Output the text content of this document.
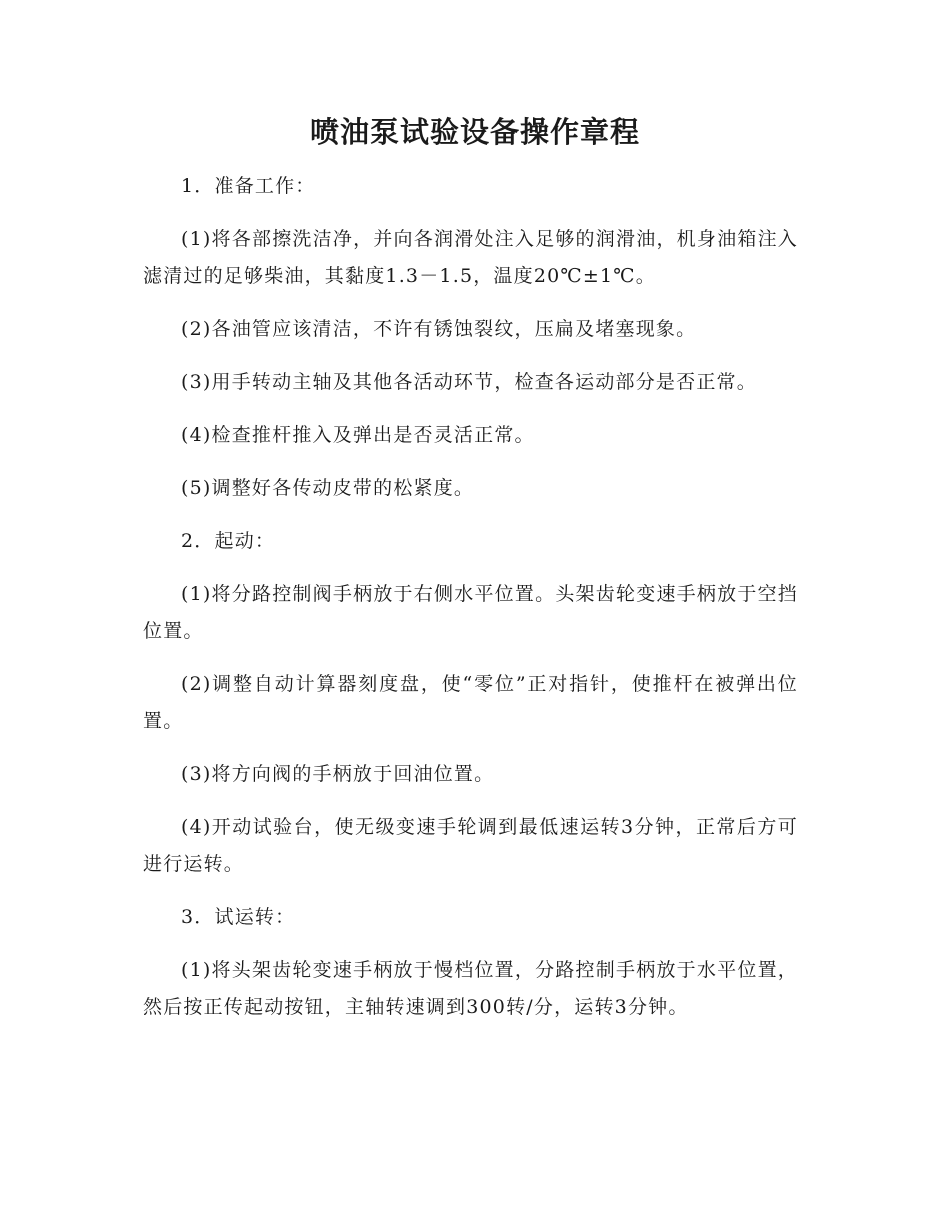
喷油泵试验设备操作章程

1．准备工作：

(1)将各部擦洗洁净，并向各润滑处注入足够的润滑油，机身油箱注入滤清过的足够柴油，其黏度1.3－1.5，温度20℃±1℃。

(2)各油管应该清洁，不许有锈蚀裂纹，压扁及堵塞现象。

(3)用手转动主轴及其他各活动环节，检查各运动部分是否正常。

(4)检查推杆推入及弹出是否灵活正常。

(5)调整好各传动皮带的松紧度。

2．起动：

(1)将分路控制阀手柄放于右侧水平位置。头架齿轮变速手柄放于空挡位置。

(2)调整自动计算器刻度盘，使“零位”正对指针，使推杆在被弹出位置。

(3)将方向阀的手柄放于回油位置。

(4)开动试验台，使无级变速手轮调到最低速运转3分钟，正常后方可进行运转。

3．试运转：

(1)将头架齿轮变速手柄放于慢档位置，分路控制手柄放于水平位置，然后按正传起动按钮，主轴转速调到300转/分，运转3分钟。
